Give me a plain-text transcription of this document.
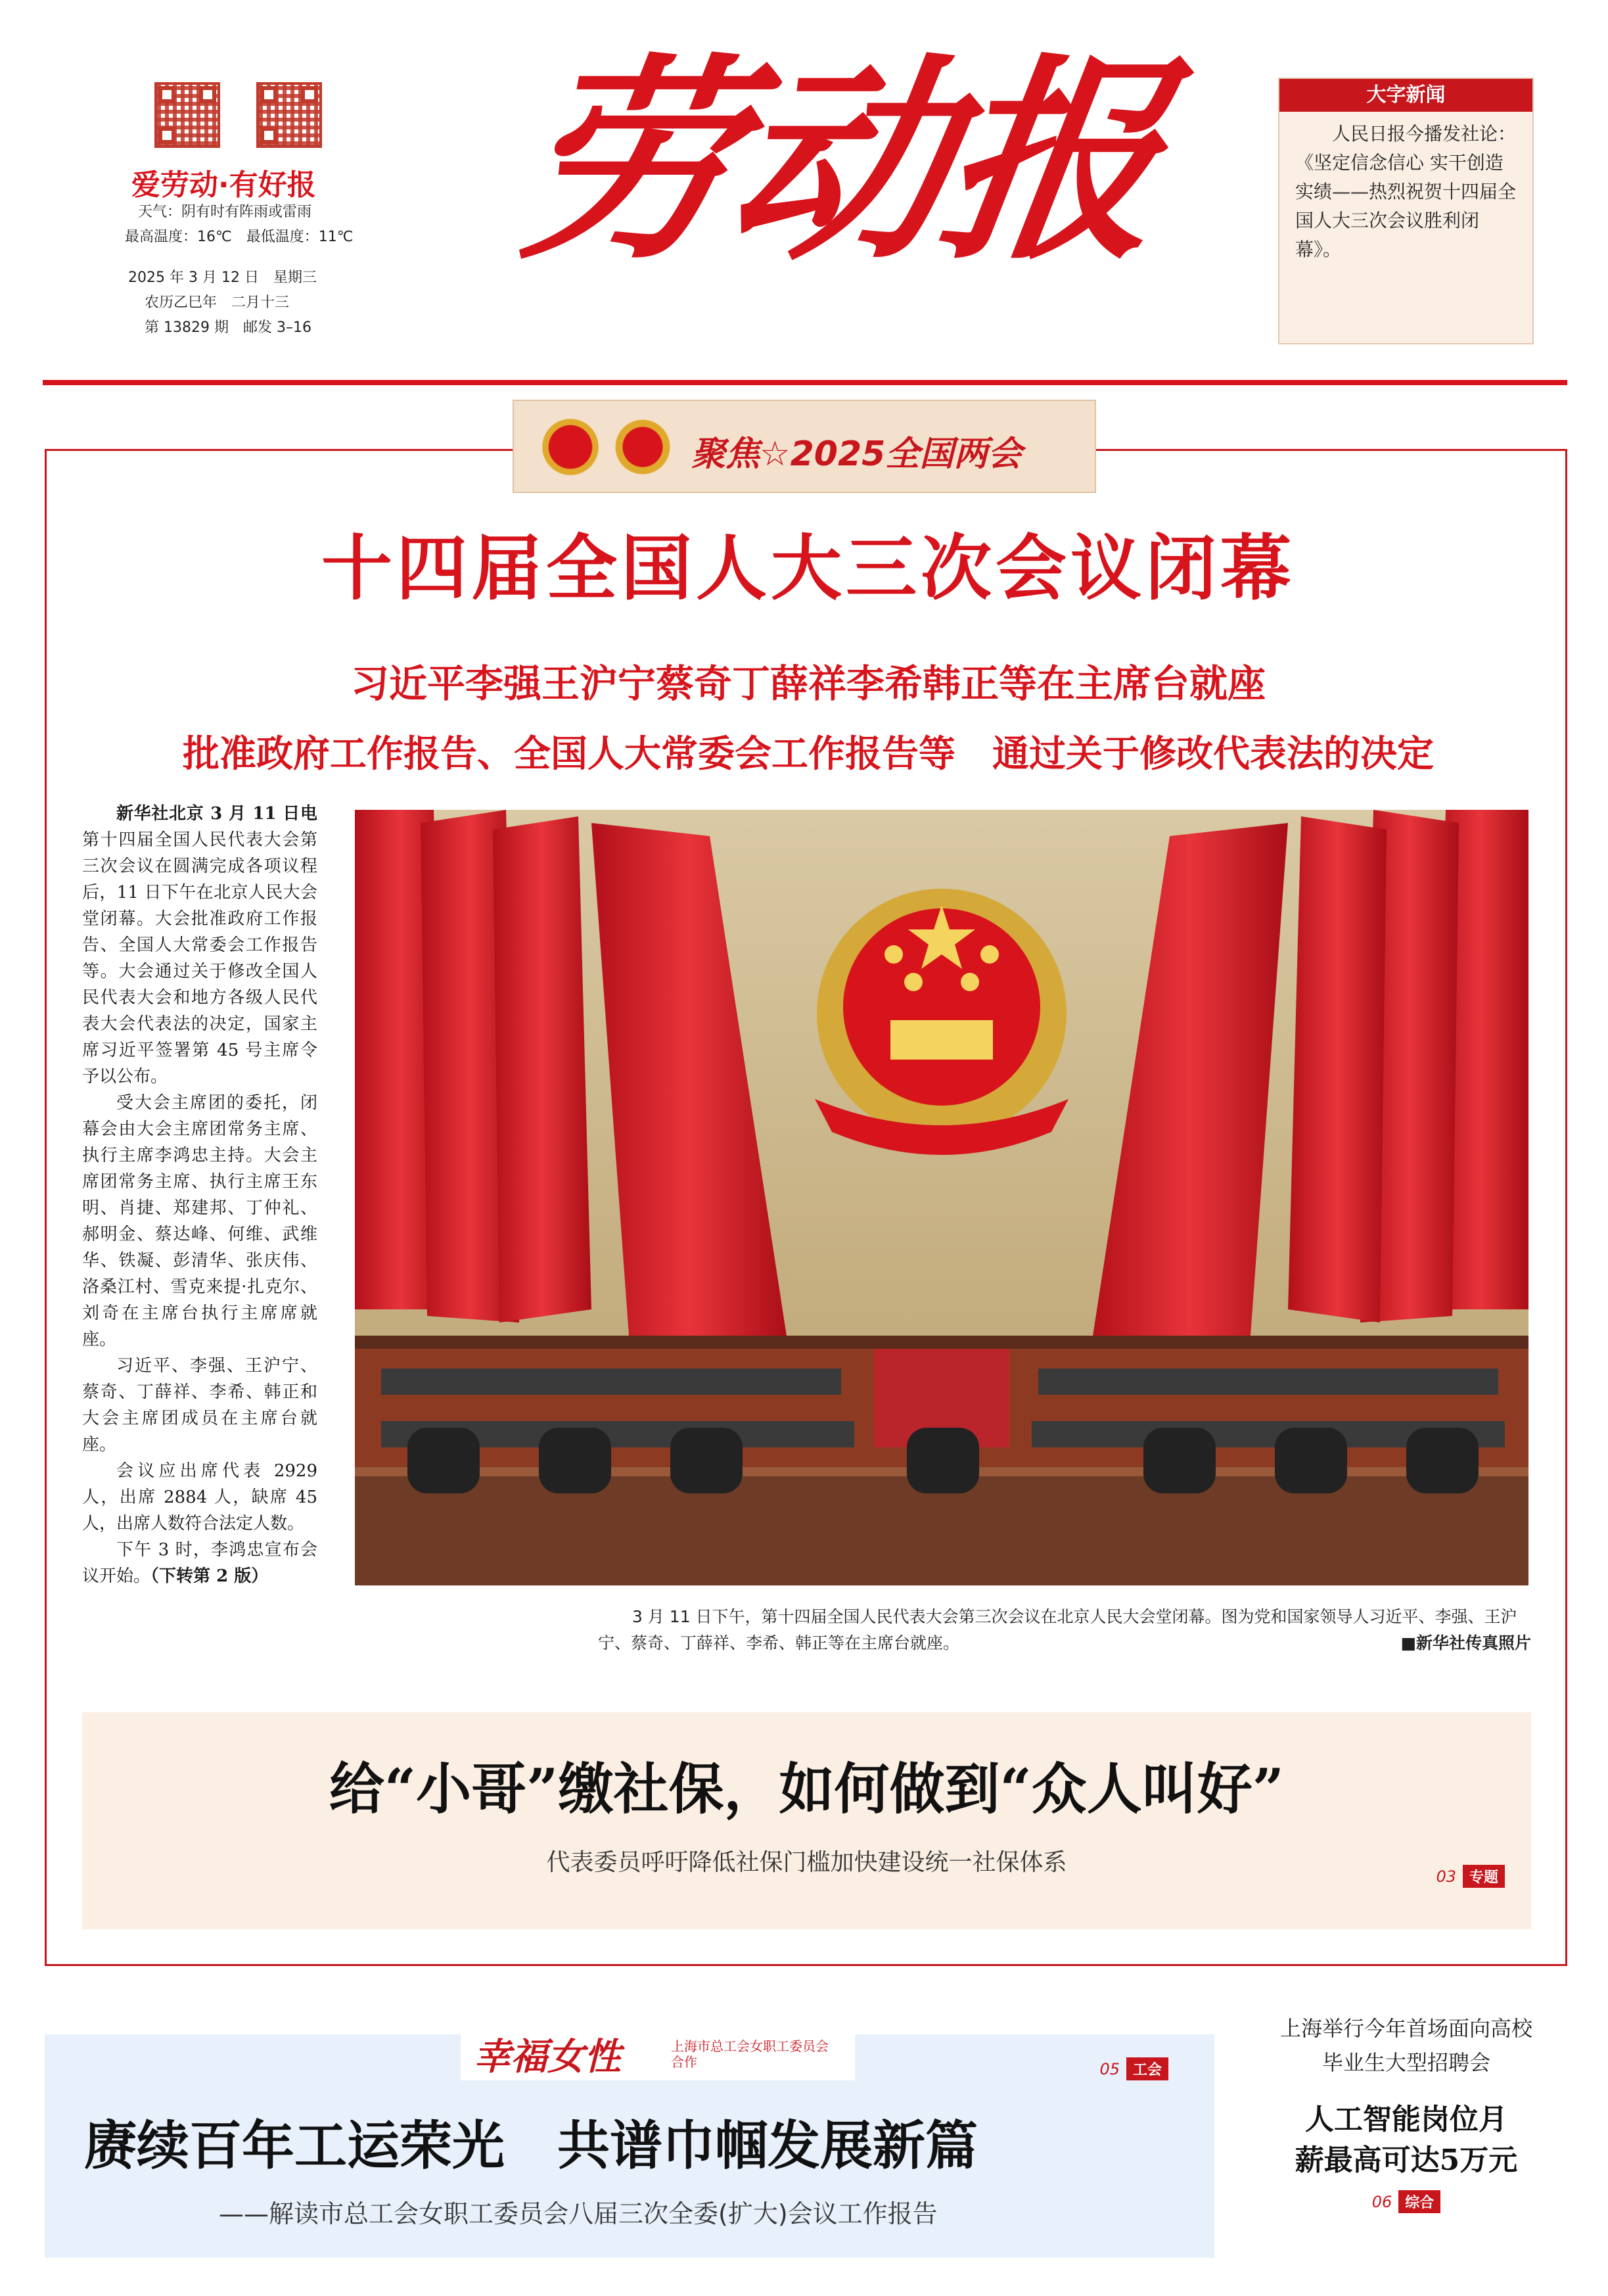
爱劳动·有好报
天气：阴有时有阵雨或雷雨
最高温度：16℃　最低温度：11℃
2025 年 3 月 12 日　星期三
农历乙巳年　二月十三
第 13829 期　邮发 3–16
劳动报	大字新闻
人民日报今播发社论：《坚定信念信心 实干创造实绩——热烈祝贺十四届全国人大三次会议胜利闭幕》。
聚焦☆2025全国两会
十四届全国人大三次会议闭幕
习近平李强王沪宁蔡奇丁薛祥李希韩正等在主席台就座
批准政府工作报告、全国人大常委会工作报告等　通过关于修改代表法的决定

新华社北京 3 月 11 日电　第十四届全国人民代表大会第三次会议在圆满完成各项议程后，11 日下午在北京人民大会堂闭幕。大会批准政府工作报告、全国人大常委会工作报告等。大会通过关于修改全国人民代表大会和地方各级人民代表大会代表法的决定，国家主席习近平签署第 45 号主席令予以公布。

受大会主席团的委托，闭幕会由大会主席团常务主席、执行主席李鸿忠主持。大会主席团常务主席、执行主席王东明、肖捷、郑建邦、丁仲礼、郝明金、蔡达峰、何维、武维华、铁凝、彭清华、张庆伟、洛桑江村、雪克来提·扎克尔、刘奇在主席台执行主席席就座。

习近平、李强、王沪宁、蔡奇、丁薛祥、李希、韩正和大会主席团成员在主席台就座。

会议应出席代表 2929 人，出席 2884 人，缺席 45 人，出席人数符合法定人数。

下午 3 时，李鸿忠宣布会议开始。（下转第 2 版）

3 月 11 日下午，第十四届全国人民代表大会第三次会议在北京人民大会堂闭幕。图为党和国家领导人习近平、李强、王沪宁、蔡奇、丁薛祥、李希、韩正等在主席台就座。	■新华社传真照片
给“小哥”缴社保，如何做到“众人叫好”
代表委员呼吁降低社保门槛加快建设统一社保体系
03 专题
幸福女性	上海市总工会女职工委员会合作	05 工会
赓续百年工运荣光　共谱巾帼发展新篇
——解读市总工会女职工委员会八届三次全委(扩大)会议工作报告
上海举行今年首场面向高校毕业生大型招聘会
人工智能岗位月薪最高可达5万元
06 综合
